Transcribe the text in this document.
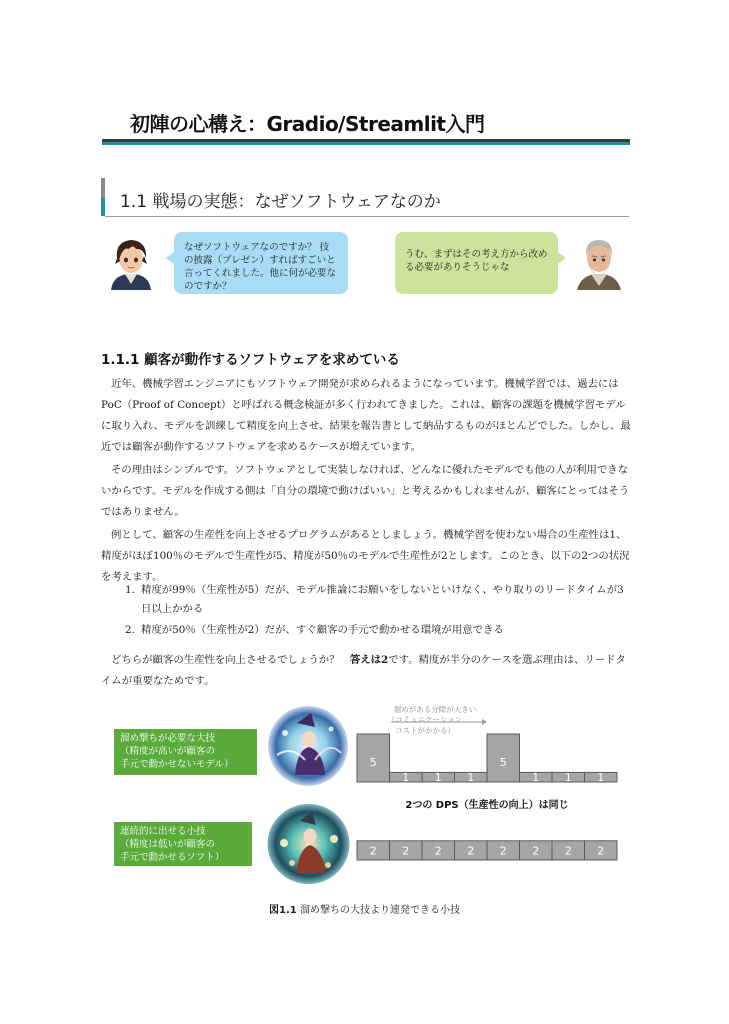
初陣の心構え：Gradio/Streamlit入門
1.1 戦場の実態：なぜソフトウェアなのか
なぜソフトウェアなのですか？ 技の披露（プレゼン）すればすごいと言ってくれました。他に何が必要なのですか？
うむ、まずはその考え方から改める必要がありそうじゃな
1.1.1 顧客が動作するソフトウェアを求めている

近年、機械学習エンジニアにもソフトウェア開発が求められるようになっています。機械学習では、過去にはPoC（Proof of Concept）と呼ばれる概念検証が多く行われてきました。これは、顧客の課題を機械学習モデルに取り入れ、モデルを訓練して精度を向上させ、結果を報告書として納品するものがほとんどでした。しかし、最近では顧客が動作するソフトウェアを求めるケースが増えています。

その理由はシンプルです。ソフトウェアとして実装しなければ、どんなに優れたモデルでも他の人が利用できないからです。モデルを作成する側は「自分の環境で動けばいい」と考えるかもしれませんが、顧客にとってはそうではありません。

例として、顧客の生産性を向上させるプログラムがあるとしましょう。機械学習を使わない場合の生産性は1、精度がほぼ100％のモデルで生産性が5、精度が50％のモデルで生産性が2とします。このとき、以下の2つの状況を考えます。

1. 精度が99％（生産性が5）だが、モデル推論にお願いをしないといけなく、やり取りのリードタイムが3日以上かかる
2. 精度が50％（生産性が2）だが、すぐ顧客の手元で動かせる環境が用意できる

どちらが顧客の生産性を向上させるでしょうか？　答えは2です。精度が半分のケースを選ぶ理由は、リードタイムが重要なためです。

溜め撃ちが必要な大技
（精度が高いが顧客の
手元で動かせないモデル）
連続的に出せる小技
（精度は低いが顧客の
手元で動かせるソフト）
5
1 1 1
5
1 1 1
溜めがある分隙が大きい
（コミュニケーション
コストがかかる）
2つの DPS（生産性の向上）は同じ
2 2 2 2 2 2 2 2
図1.1 溜め撃ちの大技より連発できる小技
